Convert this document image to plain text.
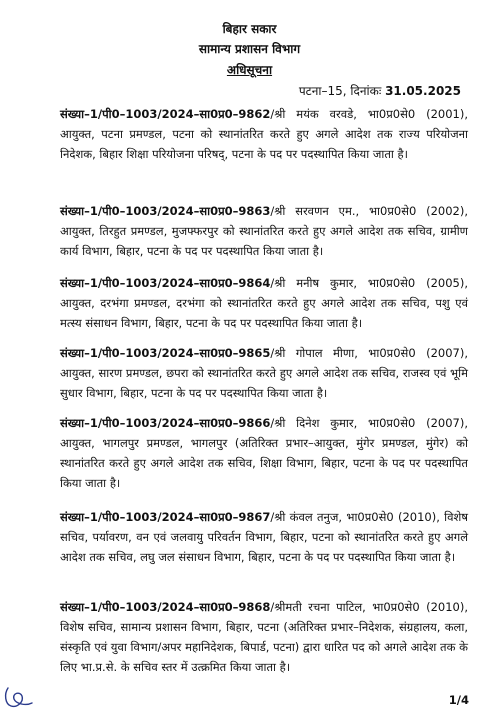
बिहार सकार
सामान्य प्रशासन विभाग
अधिसूचना
पटना–15, दिनांकः 31.05.2025

संख्या–1/पी0–1003/2024–सा0प्र0–9862/श्री मयंक वरवडे, भा0प्र0से0 (2001), आयुक्त, पटना प्रमण्डल, पटना को स्थानांतरित करते हुए अगले आदेश तक राज्य परियोजना निदेशक, बिहार शिक्षा परियोजना परिषद्, पटना के पद पर पदस्थापित किया जाता है।

संख्या–1/पी0–1003/2024–सा0प्र0–9863/श्री सरवणन एम., भा0प्र0से0 (2002), आयुक्त, तिरहुत प्रमण्डल, मुजफ्फरपुर को स्थानांतरित करते हुए अगले आदेश तक सचिव, ग्रामीण कार्य विभाग, बिहार, पटना के पद पर पदस्थापित किया जाता है।

संख्या–1/पी0–1003/2024–सा0प्र0–9864/श्री मनीष कुमार, भा0प्र0से0 (2005), आयुक्त, दरभंगा प्रमण्डल, दरभंगा को स्थानांतरित करते हुए अगले आदेश तक सचिव, पशु एवं मत्स्य संसाधन विभाग, बिहार, पटना के पद पर पदस्थापित किया जाता है।

संख्या–1/पी0–1003/2024–सा0प्र0–9865/श्री गोपाल मीणा, भा0प्र0से0 (2007), आयुक्त, सारण प्रमण्डल, छपरा को स्थानांतरित करते हुए अगले आदेश तक सचिव, राजस्व एवं भूमि सुधार विभाग, बिहार, पटना के पद पर पदस्थापित किया जाता है।

संख्या–1/पी0–1003/2024–सा0प्र0–9866/श्री दिनेश कुमार, भा0प्र0से0 (2007), आयुक्त, भागलपुर प्रमण्डल, भागलपुर (अतिरिक्त प्रभार–आयुक्त, मुंगेर प्रमण्डल, मुंगेर) को स्थानांतरित करते हुए अगले आदेश तक सचिव, शिक्षा विभाग, बिहार, पटना के पद पर पदस्थापित किया जाता है।

संख्या–1/पी0–1003/2024–सा0प्र0–9867/श्री कंवल तनुज, भा0प्र0से0 (2010), विशेष सचिव, पर्यावरण, वन एवं जलवायु परिवर्तन विभाग, बिहार, पटना को स्थानांतरित करते हुए अगले आदेश तक सचिव, लघु जल संसाधन विभाग, बिहार, पटना के पद पर पदस्थापित किया जाता है।

संख्या–1/पी0–1003/2024–सा0प्र0–9868/श्रीमती रचना पाटिल, भा0प्र0से0 (2010), विशेष सचिव, सामान्य प्रशासन विभाग, बिहार, पटना (अतिरिक्त प्रभार–निदेशक, संग्रहालय, कला, संस्कृति एवं युवा विभाग/अपर महानिदेशक, बिपार्ड, पटना) द्वारा धारित पद को अगले आदेश तक के लिए भा.प्र.से. के सचिव स्तर में उत्क्रमित किया जाता है।

1/4
